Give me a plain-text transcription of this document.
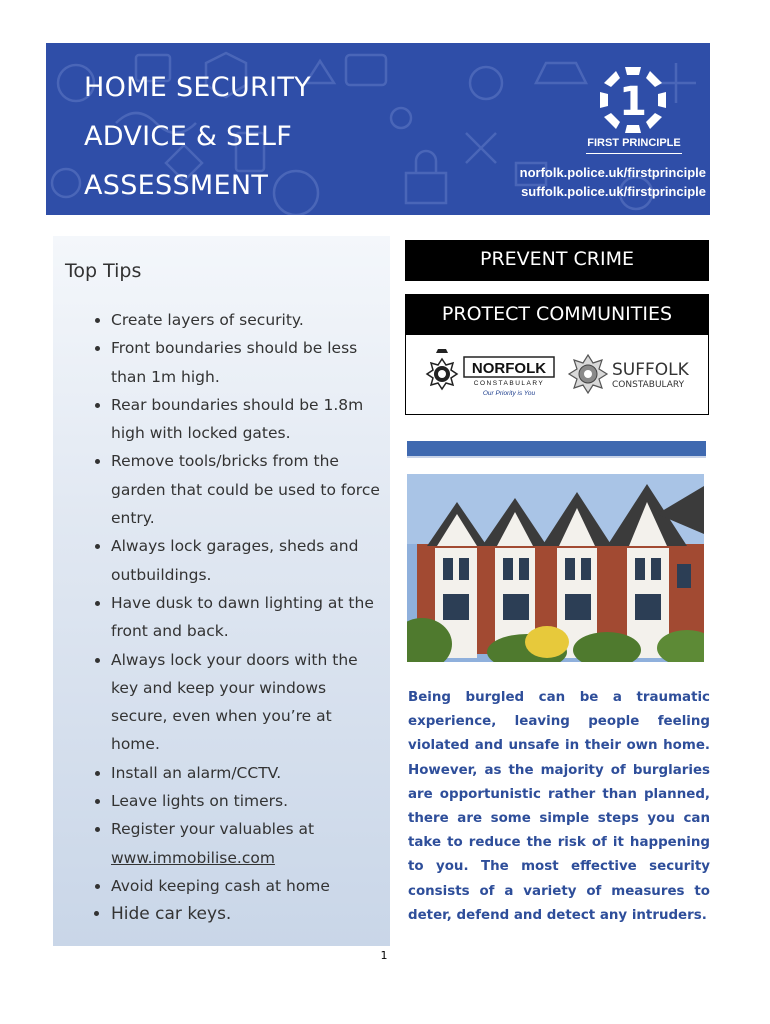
HOME SECURITY
ADVICE & SELF
ASSESSMENT
1
FIRST PRINCIPLE
norfolk.police.uk/firstprinciple
suffolk.police.uk/firstprinciple
Top Tips
• Create layers of security.
• Front boundaries should be less than 1m high.
• Rear boundaries should be 1.8m high with locked gates.
• Remove tools/bricks from the garden that could be used to force entry.
• Always lock garages, sheds and outbuildings.
• Have dusk to dawn lighting at the front and back.
• Always lock your doors with the key and keep your windows secure, even when you’re at home.
• Install an alarm/CCTV.
• Leave lights on timers.
• Register your valuables at
www.immobilise.com
• Avoid keeping cash at home
• Hide car keys.
PREVENT CRIME
PROTECT COMMUNITIES
NORFOLK
CONSTABULARY
Our Priority is You
SUFFOLK
CONSTABULARY

Being burgled can be a traumatic experience, leaving people feeling violated and unsafe in their own home. However, as the majority of burglaries are opportunistic rather than planned, there are some simple steps you can take to reduce the risk of it happening to you. The most effective security consists of a variety of measures to deter, defend and detect any intruders.

1
